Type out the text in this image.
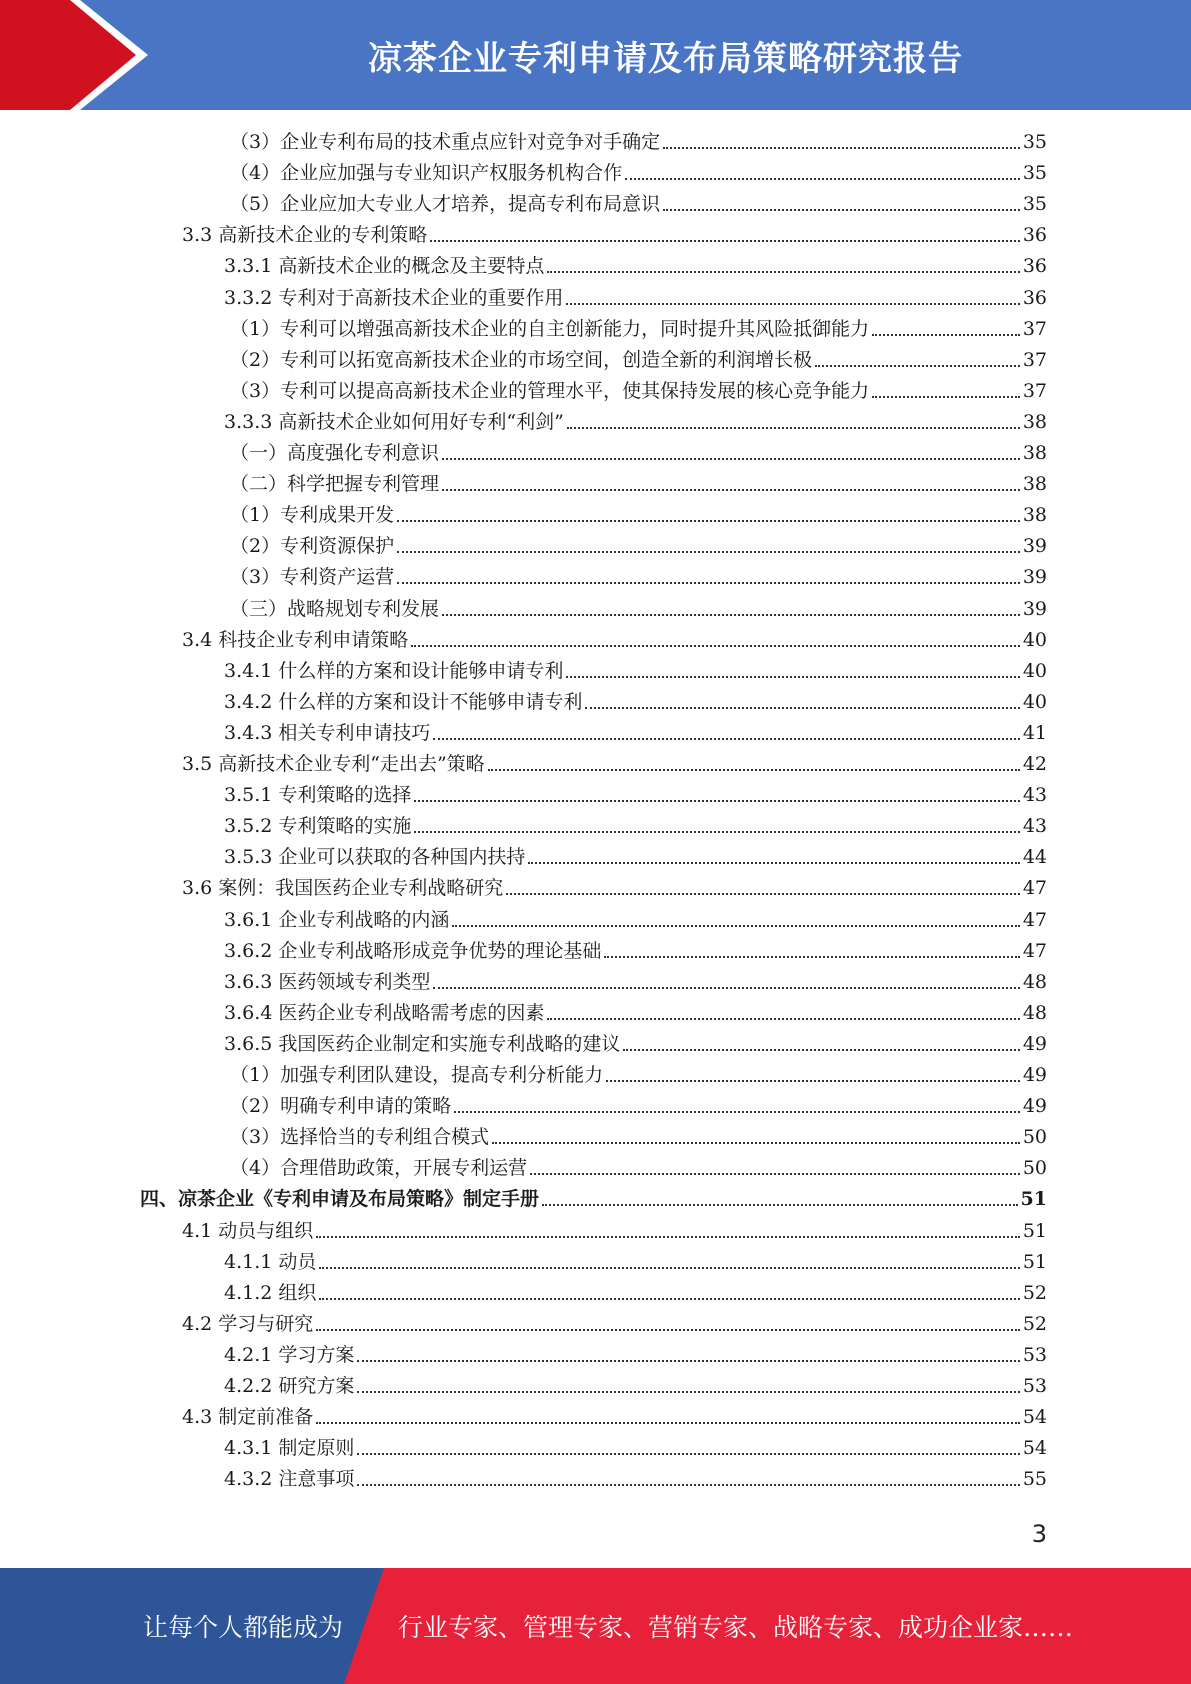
凉茶企业专利申请及布局策略研究报告
（3）企业专利布局的技术重点应针对竞争对手确定	35
（4）企业应加强与专业知识产权服务机构合作	35
（5）企业应加大专业人才培养，提高专利布局意识	35
3.3 高新技术企业的专利策略	36
3.3.1 高新技术企业的概念及主要特点	36
3.3.2 专利对于高新技术企业的重要作用	36
（1）专利可以增强高新技术企业的自主创新能力，同时提升其风险抵御能力	37
（2）专利可以拓宽高新技术企业的市场空间，创造全新的利润增长极	37
（3）专利可以提高高新技术企业的管理水平，使其保持发展的核心竞争能力	37
3.3.3 高新技术企业如何用好专利“利剑”	38
（一）高度强化专利意识	38
（二）科学把握专利管理	38
（1）专利成果开发	38
（2）专利资源保护	39
（3）专利资产运营	39
（三）战略规划专利发展	39
3.4 科技企业专利申请策略	40
3.4.1 什么样的方案和设计能够申请专利	40
3.4.2 什么样的方案和设计不能够申请专利	40
3.4.3 相关专利申请技巧	41
3.5 高新技术企业专利“走出去”策略	42
3.5.1 专利策略的选择	43
3.5.2 专利策略的实施	43
3.5.3 企业可以获取的各种国内扶持	44
3.6 案例：我国医药企业专利战略研究	47
3.6.1 企业专利战略的内涵	47
3.6.2 企业专利战略形成竞争优势的理论基础	47
3.6.3 医药领域专利类型	48
3.6.4 医药企业专利战略需考虑的因素	48
3.6.5 我国医药企业制定和实施专利战略的建议	49
（1）加强专利团队建设，提高专利分析能力	49
（2）明确专利申请的策略	49
（3）选择恰当的专利组合模式	50
（4）合理借助政策，开展专利运营	50
四、凉茶企业《专利申请及布局策略》制定手册	51
4.1 动员与组织	51
4.1.1 动员	51
4.1.2 组织	52
4.2 学习与研究	52
4.2.1 学习方案	53
4.2.2 研究方案	53
4.3 制定前准备	54
4.3.1 制定原则	54
4.3.2 注意事项	55
3
让每个人都能成为 行业专家、管理专家、营销专家、战略专家、成功企业家……
